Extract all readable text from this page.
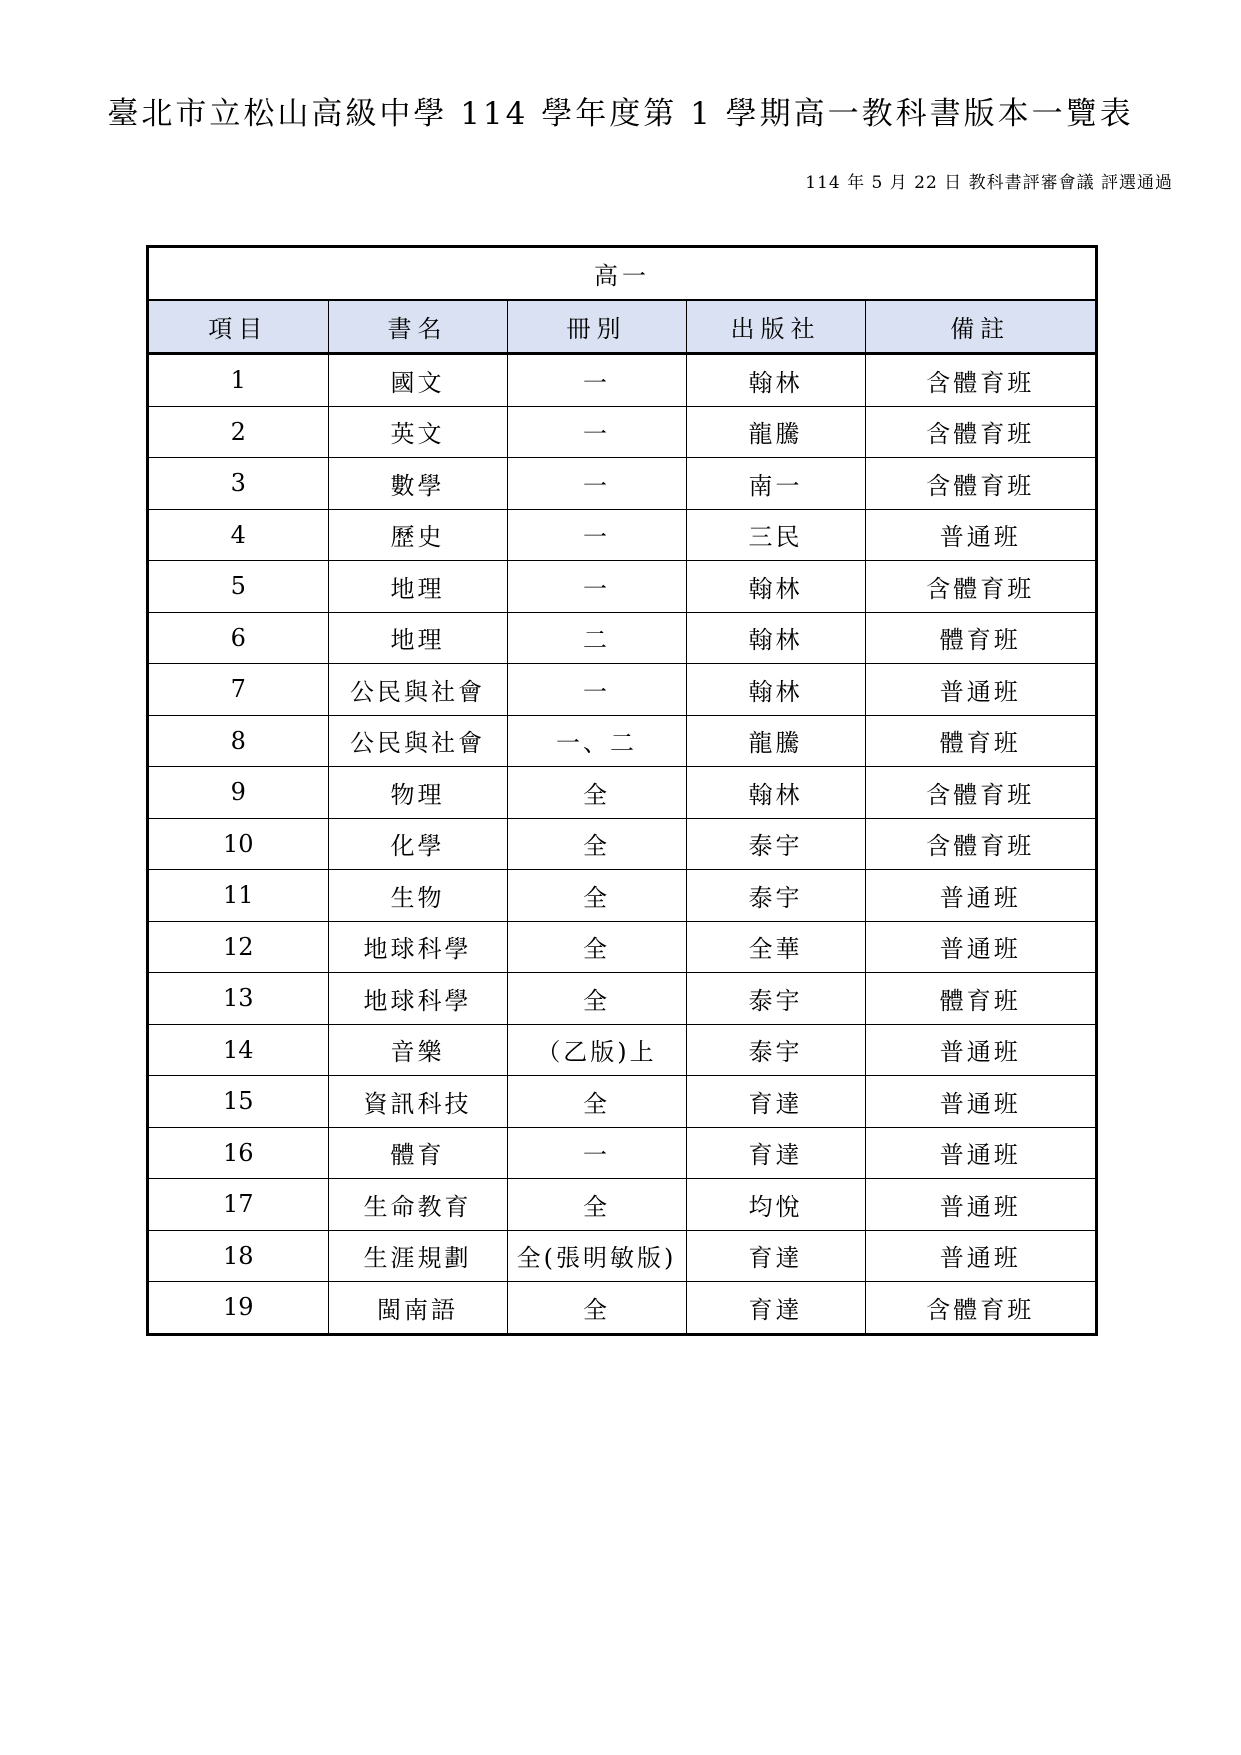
臺北市立松山高級中學 114 學年度第 1 學期高一教科書版本一覽表
114 年 5 月 22 日 教科書評審會議 評選通過
高一				
項目	書名	冊別	出版社	備註
1	國文	一	翰林	含體育班
2	英文	一	龍騰	含體育班
3	數學	一	南一	含體育班
4	歷史	一	三民	普通班
5	地理	一	翰林	含體育班
6	地理	二	翰林	體育班
7	公民與社會	一	翰林	普通班
8	公民與社會	一、二	龍騰	體育班
9	物理	全	翰林	含體育班
10	化學	全	泰宇	含體育班
11	生物	全	泰宇	普通班
12	地球科學	全	全華	普通班
13	地球科學	全	泰宇	體育班
14	音樂	（乙版)上	泰宇	普通班
15	資訊科技	全	育達	普通班
16	體育	一	育達	普通班
17	生命教育	全	均悅	普通班
18	生涯規劃	全(張明敏版)	育達	普通班
19	閩南語	全	育達	含體育班
